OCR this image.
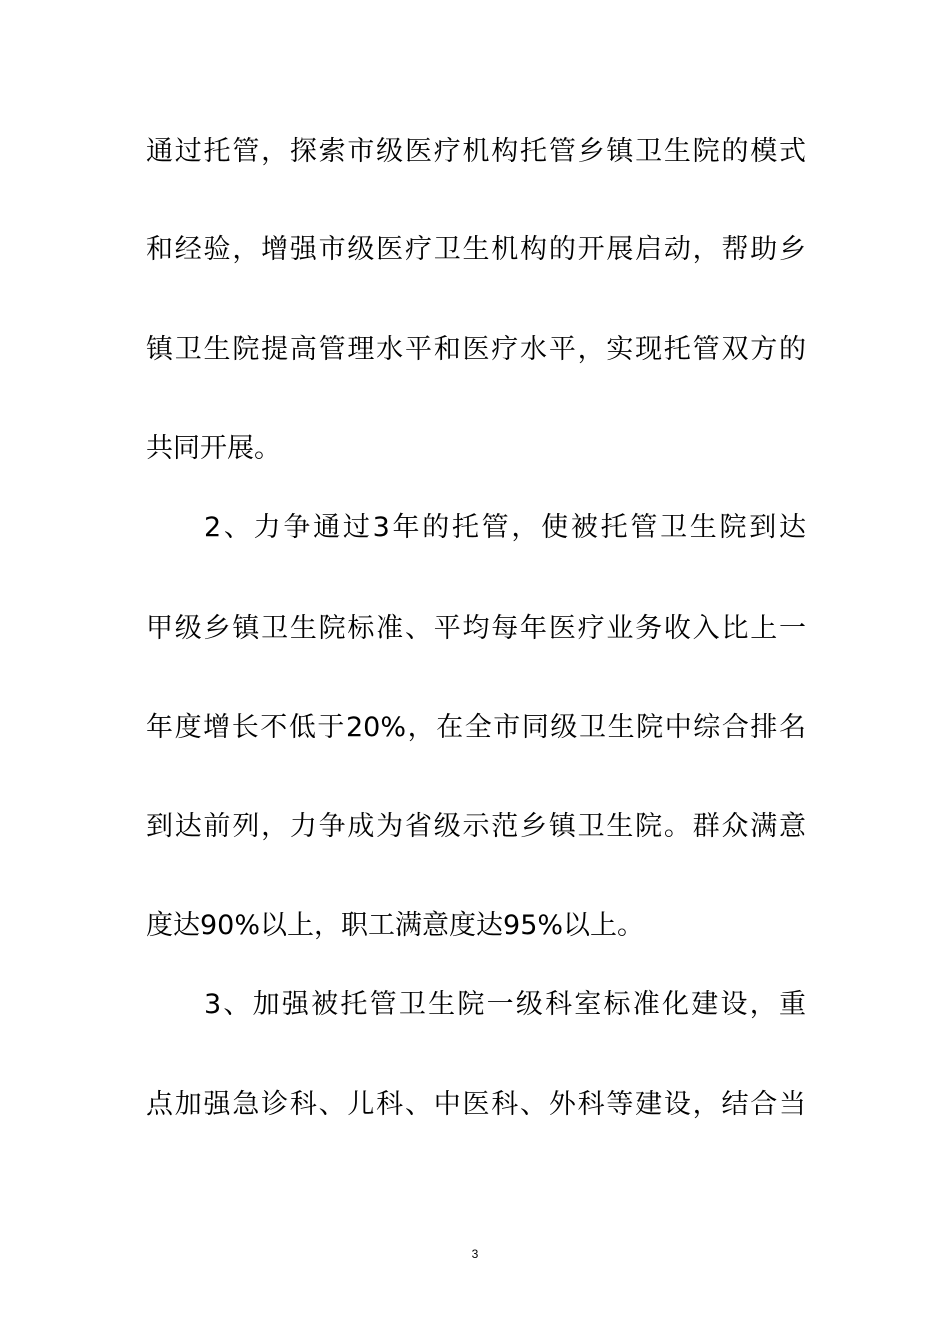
通过托管，探索市级医疗机构托管乡镇卫生院的模式
和经验，增强市级医疗卫生机构的开展启动，帮助乡
镇卫生院提高管理水平和医疗水平，实现托管双方的
共同开展。
2、力争通过3年的托管，使被托管卫生院到达
甲级乡镇卫生院标准、平均每年医疗业务收入比上一
年度增长不低于20%，在全市同级卫生院中综合排名
到达前列，力争成为省级示范乡镇卫生院。群众满意
度达90%以上，职工满意度达95%以上。
3、加强被托管卫生院一级科室标准化建设，重
点加强急诊科、儿科、中医科、外科等建设，结合当
3
